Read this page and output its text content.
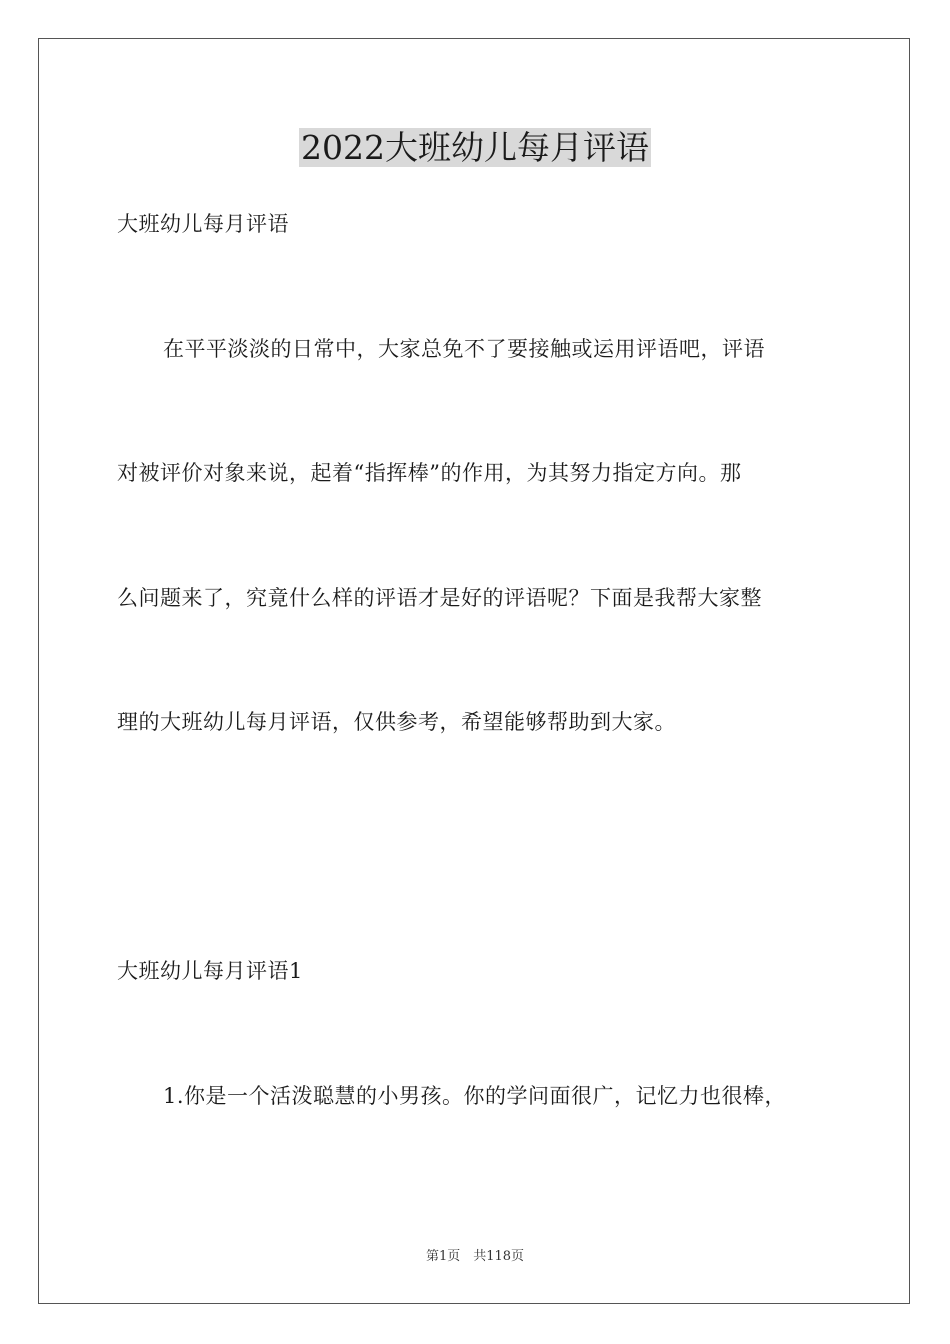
2022大班幼儿每月评语
大班幼儿每月评语
在平平淡淡的日常中，大家总免不了要接触或运用评语吧，评语
对被评价对象来说，起着“指挥棒”的作用，为其努力指定方向。那
么问题来了，究竟什么样的评语才是好的评语呢？下面是我帮大家整
理的大班幼儿每月评语，仅供参考，希望能够帮助到大家。
大班幼儿每月评语1
1.你是一个活泼聪慧的小男孩。你的学问面很广，记忆力也很棒，
第1页　共118页
